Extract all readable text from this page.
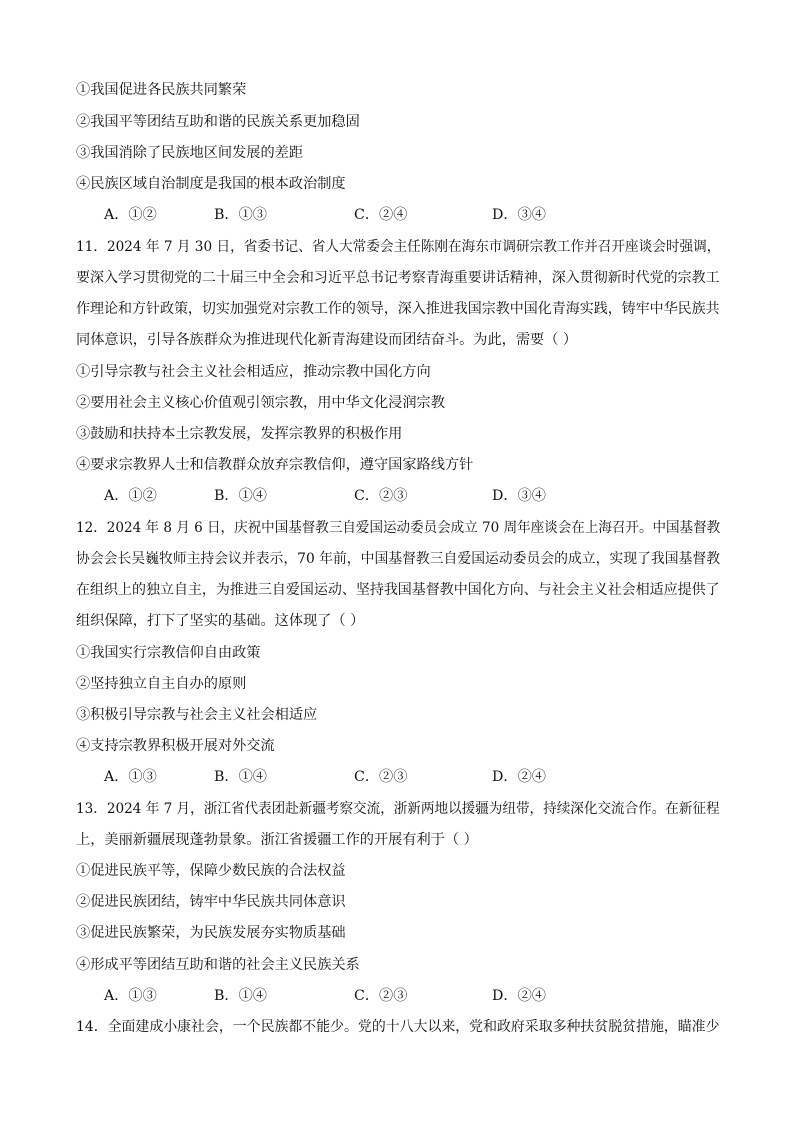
①我国促进各民族共同繁荣
②我国平等团结互助和谐的民族关系更加稳固
③我国消除了民族地区间发展的差距
④民族区域自治制度是我国的根本政治制度
A．①②	B．①③	C．②④	D．③④
11．2024 年 7 月 30 日，省委书记、省人大常委会主任陈刚在海东市调研宗教工作并召开座谈会时强调，
要深入学习贯彻党的二十届三中全会和习近平总书记考察青海重要讲话精神，深入贯彻新时代党的宗教工
作理论和方针政策，切实加强党对宗教工作的领导，深入推进我国宗教中国化青海实践，铸牢中华民族共
同体意识，引导各族群众为推进现代化新青海建设而团结奋斗。为此，需要（ ）
①引导宗教与社会主义社会相适应，推动宗教中国化方向
②要用社会主义核心价值观引领宗教，用中华文化浸润宗教
③鼓励和扶持本土宗教发展，发挥宗教界的积极作用
④要求宗教界人士和信教群众放弃宗教信仰，遵守国家路线方针
A．①②	B．①④	C．②③	D．③④
12．2024 年 8 月 6 日，庆祝中国基督教三自爱国运动委员会成立 70 周年座谈会在上海召开。中国基督教
协会会长吴巍牧师主持会议并表示，70 年前，中国基督教三自爱国运动委员会的成立，实现了我国基督教
在组织上的独立自主，为推进三自爱国运动、坚持我国基督教中国化方向、与社会主义社会相适应提供了
组织保障，打下了坚实的基础。这体现了（ ）
①我国实行宗教信仰自由政策
②坚持独立自主自办的原则
③积极引导宗教与社会主义社会相适应
④支持宗教界积极开展对外交流
A．①③	B．①④	C．②③	D．②④
13．2024 年 7 月，浙江省代表团赴新疆考察交流，浙新两地以援疆为纽带，持续深化交流合作。在新征程
上，美丽新疆展现蓬勃景象。浙江省援疆工作的开展有利于（ ）
①促进民族平等，保障少数民族的合法权益
②促进民族团结，铸牢中华民族共同体意识
③促进民族繁荣，为民族发展夯实物质基础
④形成平等团结互助和谐的社会主义民族关系
A．①③	B．①④	C．②③	D．②④
14．全面建成小康社会，一个民族都不能少。党的十八大以来，党和政府采取多种扶贫脱贫措施，瞄准少
